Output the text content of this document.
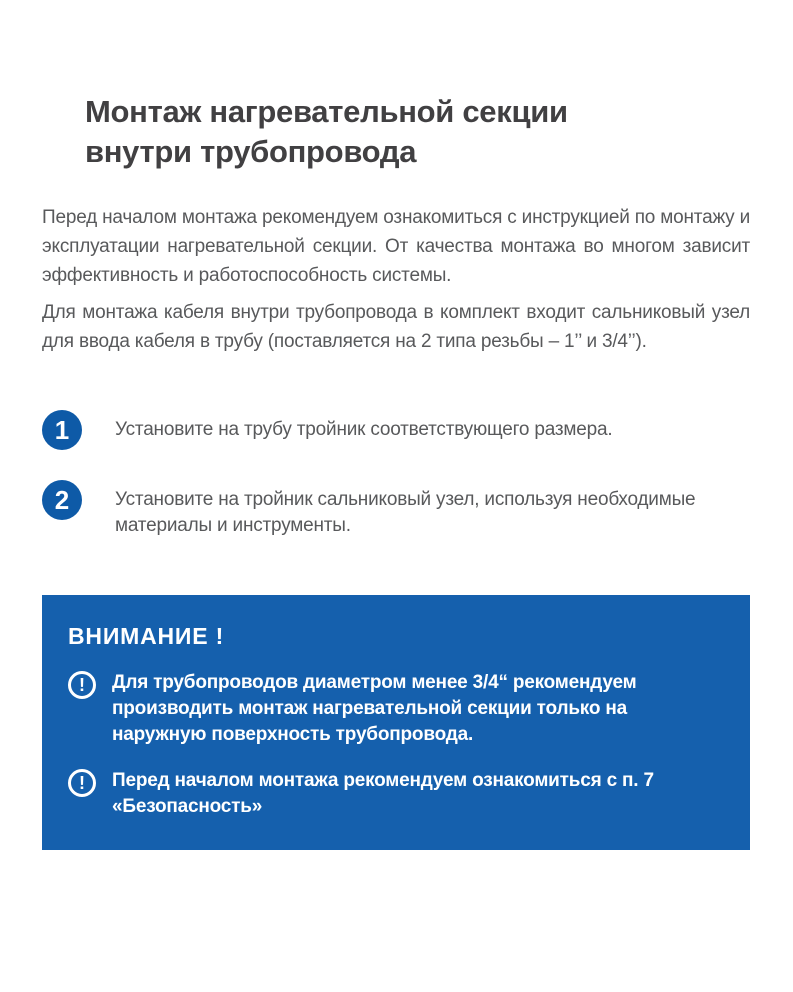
Монтаж нагревательной секции
внутри трубопровода

Перед началом монтажа рекомендуем ознакомиться с инструкцией по монтажу и эксплуатации нагревательной секции. От качества монтажа во многом зависит эффективность и работоспособность системы.

Для монтажа кабеля внутри трубопровода в комплект входит сальниковый узел для ввода кабеля в трубу (поставляется на 2 типа резьбы – 1’’ и 3/4’’).

1 Установите на трубу тройник соответствующего размера.
2 Установите на тройник сальниковый узел, используя необходимые материалы и инструменты.
ВНИМАНИЕ !
! Для трубопроводов диаметром менее 3/4“ рекомендуем производить монтаж нагревательной секции только на наружную поверхность трубопровода.
! Перед началом монтажа рекомендуем ознакомиться с п. 7 «Безопасность»
